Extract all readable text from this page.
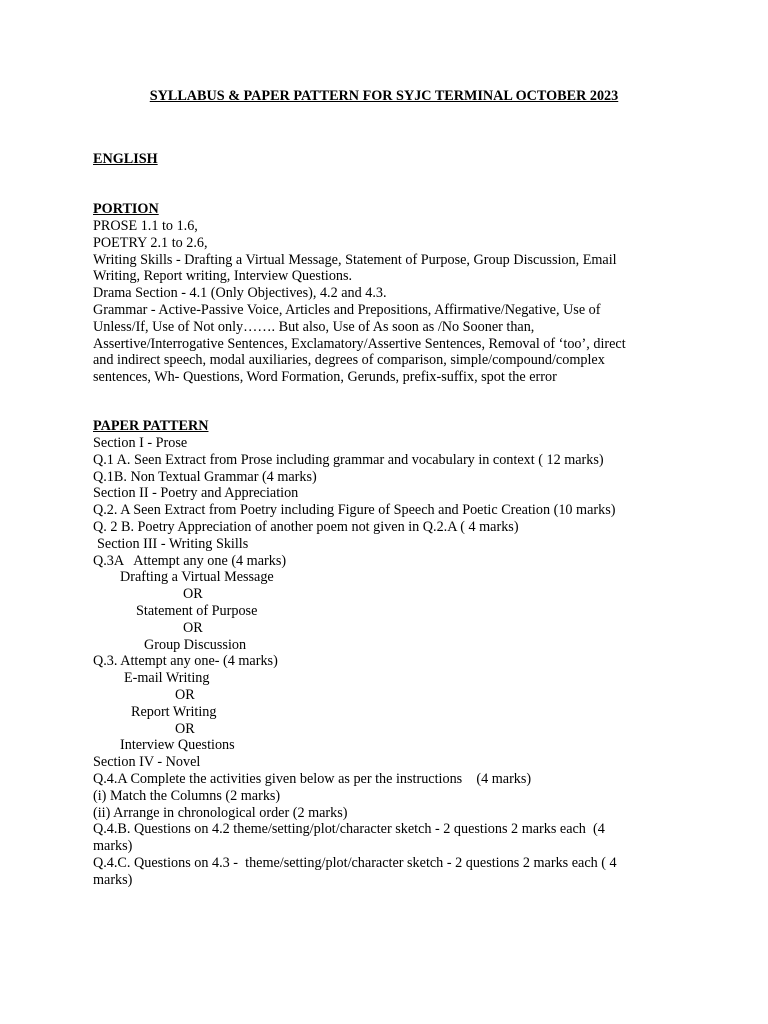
SYLLABUS & PAPER PATTERN FOR SYJC TERMINAL OCTOBER 2023
ENGLISH
PORTION
PROSE 1.1 to 1.6,
POETRY 2.1 to 2.6,
Writing Skills - Drafting a Virtual Message, Statement of Purpose, Group Discussion, Email
Writing, Report writing, Interview Questions.
Drama Section - 4.1 (Only Objectives), 4.2 and 4.3.
Grammar - Active-Passive Voice, Articles and Prepositions, Affirmative/Negative, Use of
Unless/If, Use of Not only……. But also, Use of As soon as /No Sooner than,
Assertive/Interrogative Sentences, Exclamatory/Assertive Sentences, Removal of ‘too’, direct
and indirect speech, modal auxiliaries, degrees of comparison, simple/compound/complex
sentences, Wh- Questions, Word Formation, Gerunds, prefix-suffix, spot the error
PAPER PATTERN
Section I - Prose
Q.1 A. Seen Extract from Prose including grammar and vocabulary in context ( 12 marks)
Q.1B. Non Textual Grammar (4 marks)
Section II - Poetry and Appreciation
Q.2. A Seen Extract from Poetry including Figure of Speech and Poetic Creation (10 marks)
Q. 2 B. Poetry Appreciation of another poem not given in Q.2.A ( 4 marks)
Section III - Writing Skills
Q.3A   Attempt any one (4 marks)
Drafting a Virtual Message
OR
Statement of Purpose
OR
Group Discussion
Q.3. Attempt any one- (4 marks)
E-mail Writing
OR
Report Writing
OR
Interview Questions
Section IV - Novel
Q.4.A Complete the activities given below as per the instructions    (4 marks)
(i) Match the Columns (2 marks)
(ii) Arrange in chronological order (2 marks)
Q.4.B. Questions on 4.2 theme/setting/plot/character sketch - 2 questions 2 marks each  (4
marks)
Q.4.C. Questions on 4.3 -  theme/setting/plot/character sketch - 2 questions 2 marks each ( 4
marks)
